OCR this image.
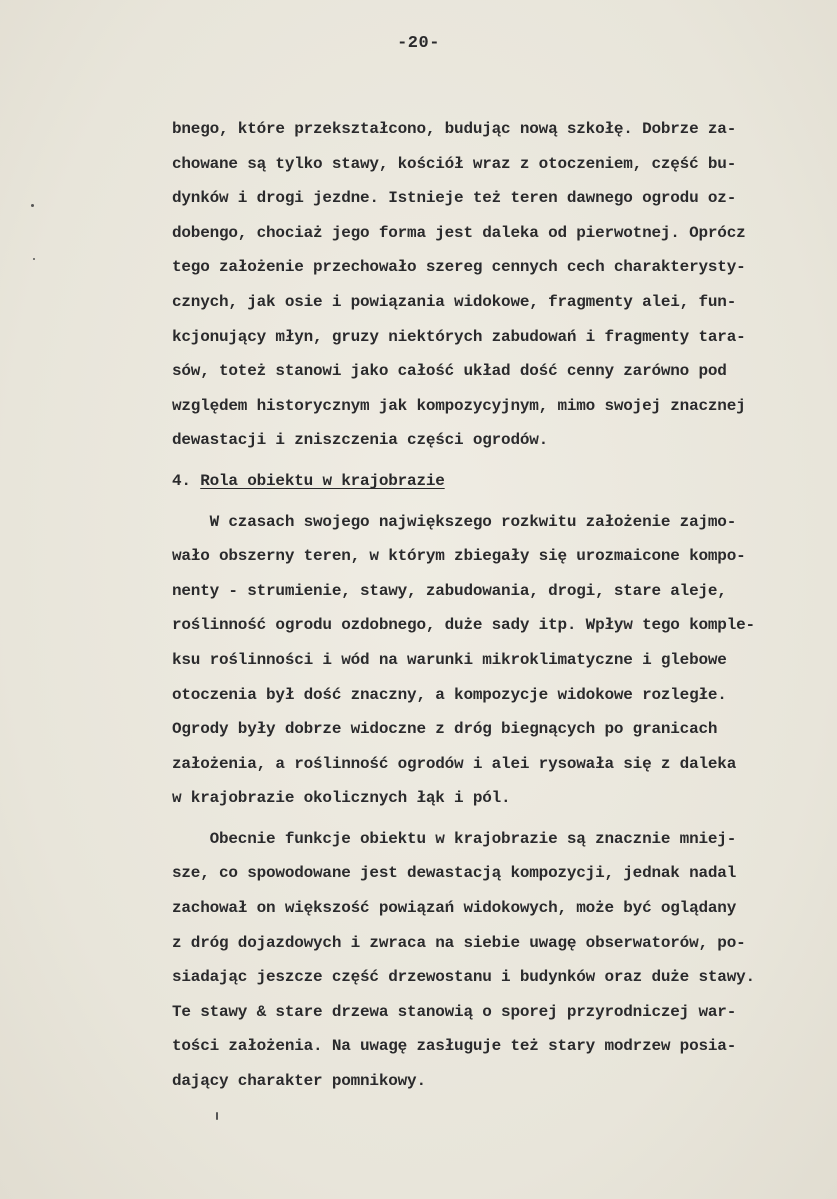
-20-
bnego, które przekształcono, budując nową szkołę. Dobrze za-
chowane są tylko stawy, kościół wraz z otoczeniem, część bu-
dynków i drogi jezdne. Istnieje też teren dawnego ogrodu oz-
dobengo, chociaż jego forma jest daleka od pierwotnej. Oprócz
tego założenie przechowało szereg cennych cech charakterysty-
cznych, jak osie i powiązania widokowe, fragmenty alei, fun-
kcjonujący młyn, gruzy niektórych zabudowań i fragmenty tara-
sów, toteż stanowi jako całość układ dość cenny zarówno pod
względem historycznym jak kompozycyjnym, mimo swojej znacznej
dewastacji i zniszczenia części ogrodów.
4. Rola obiektu w krajobrazie
W czasach swojego największego rozkwitu założenie zajmo-
wało obszerny teren, w którym zbiegały się urozmaicone kompo-
nenty - strumienie, stawy, zabudowania, drogi, stare aleje,
roślinność ogrodu ozdobnego, duże sady itp. Wpływ tego komple-
ksu roślinności i wód na warunki mikroklimatyczne i glebowe
otoczenia był dość znaczny, a kompozycje widokowe rozległe.
Ogrody były dobrze widoczne z dróg biegnących po granicach
założenia, a roślinność ogrodów i alei rysowała się z daleka
w krajobrazie okolicznych łąk i pól.
Obecnie funkcje obiektu w krajobrazie są znacznie mniej-
sze, co spowodowane jest dewastacją kompozycji, jednak nadal
zachował on większość powiązań widokowych, może być oglądany
z dróg dojazdowych i zwraca na siebie uwagę obserwatorów, po-
siadając jeszcze część drzewostanu i budynków oraz duże stawy.
Te stawy & stare drzewa stanowią o sporej przyrodniczej war-
tości założenia. Na uwagę zasługuje też stary modrzew posia-
dający charakter pomnikowy.
